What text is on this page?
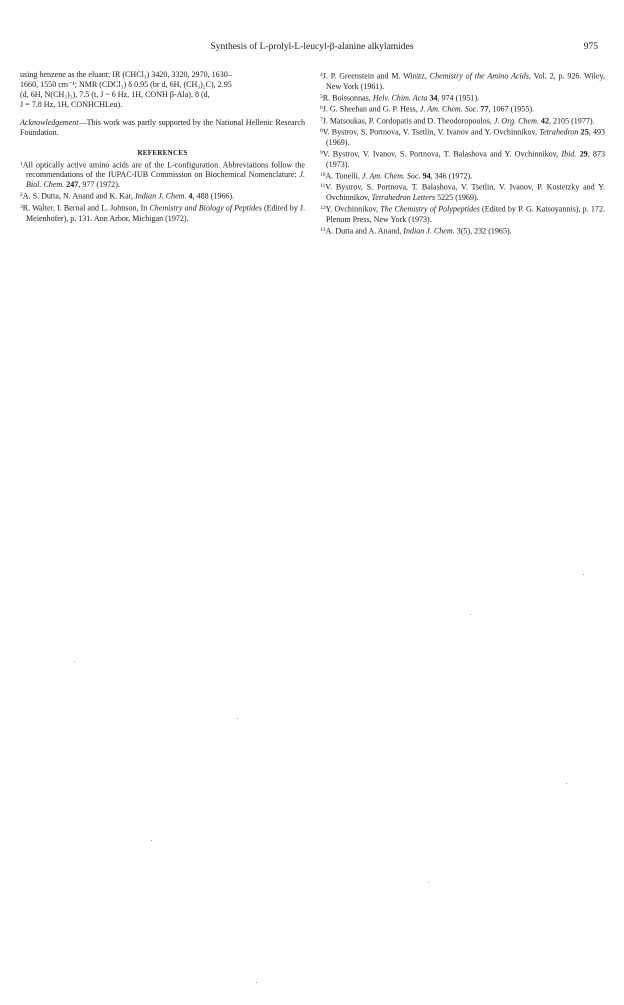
Synthesis of L-prolyl-L-leucyl-β-alanine alkylamides	975

using benzene as the eluant; IR (CHCl₃) 3420, 3320, 2970, 1630–
1660, 1550 cm⁻¹; NMR (CDCl₃) δ 0.95 (br d, 6H, (CH₃)₂C), 2.95
(d, 6H, N(CH₃)₂), 7.5 (t, J ~ 6 Hz, 1H, CONH β-Ala), 8 (d,
J = 7.8 Hz, 1H, CONHCHLeu).

Acknowledgement—This work was partly supported by the National Hellenic Research Foundation.

REFERENCES

$^1$All optically active amino acids are of the L-configuration. Abbreviations follow the recommendations of the IUPAC-IUB Commission on Biochemical Nomenclature: J. Biol. Chem. 247, 977 (1972).

$^2$A. S. Dutta, N. Anand and K. Kar, Indian J. Chem. 4, 488 (1966).

$^3$R. Walter, I. Bernal and L. Johnson, In Chemistry and Biology of Peptides (Edited by J. Meienhofer), p. 131. Ann Arbor, Michigan (1972).

$^4$J. P. Greenstein and M. Winitz, Chemistry of the Amino Acids, Vol. 2, p. 926. Wiley, New York (1961).

$^5$R. Boissonnas, Helv. Chim. Acta 34, 974 (1951).

$^6$J. G. Sheehan and G. P. Hess, J. Am. Chem. Soc. 77, 1067 (1955).

$^7$J. Matsoukas, P. Cordopatis and D. Theodoropoulos, J. Org. Chem. 42, 2105 (1977).

$^8$V. Bystrov, S. Portnova, V. Tsetlin, V. Ivanov and Y. Ovchinnikov, Tetrahedron 25, 493 (1969).

$^9$V. Bystrov, V. Ivanov, S. Portnova, T. Balashova and Y. Ovchinnikov, Ibid. 29, 873 (1973).

$^{10}$A. Tonelli, J. Am. Chem. Soc. 94, 346 (1972).

$^{11}$V. Bystrov, S. Portnova, T. Balashova, V. Tsetlin, V. Ivanov, P. Kostetzky and Y. Ovchinnikov, Tetrahedron Letters 5225 (1969).

$^{12}$Y. Ovchinnikov, The Chemistry of Polypeptides (Edited by P. G. Katsoyannis), p. 172. Plenum Press, New York (1973).

$^{13}$A. Dutta and A. Anand, Indian J. Chem. 3(5), 232 (1965).
